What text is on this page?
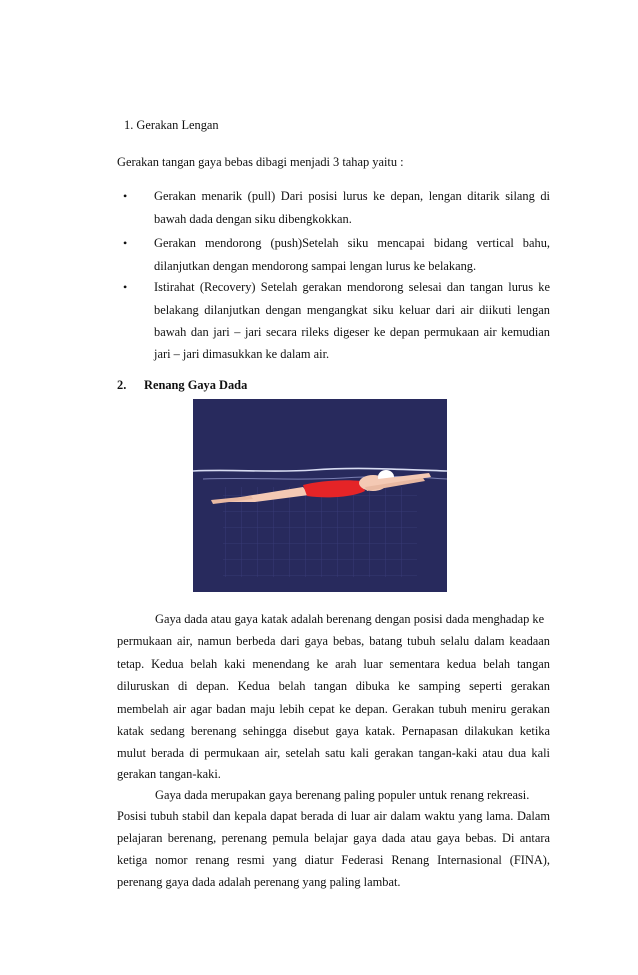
1. Gerakan Lengan
Gerakan tangan gaya bebas dibagi menjadi 3 tahap yaitu :
• Gerakan menarik (pull) Dari posisi lurus ke depan, lengan ditarik silang di
bawah dada dengan siku dibengkokkan.
• Gerakan mendorong (push)Setelah siku mencapai bidang vertical bahu,
dilanjutkan dengan mendorong sampai lengan lurus ke belakang.
• Istirahat (Recovery) Setelah gerakan mendorong selesai dan tangan lurus ke
belakang dilanjutkan dengan mengangkat siku keluar dari air diikuti lengan
bawah dan jari – jari secara rileks digeser ke depan permukaan air kemudian
jari – jari dimasukkan ke dalam air.
2. Renang Gaya Dada
Gaya dada atau gaya katak adalah berenang dengan posisi dada menghadap ke
permukaan air, namun berbeda dari gaya bebas, batang tubuh selalu dalam keadaan
tetap. Kedua belah kaki menendang ke arah luar sementara kedua belah tangan
diluruskan di depan. Kedua belah tangan dibuka ke samping seperti gerakan
membelah air agar badan maju lebih cepat ke depan. Gerakan tubuh meniru gerakan
katak sedang berenang sehingga disebut gaya katak. Pernapasan dilakukan ketika
mulut berada di permukaan air, setelah satu kali gerakan tangan-kaki atau dua kali
gerakan tangan-kaki.
Gaya dada merupakan gaya berenang paling populer untuk renang rekreasi.
Posisi tubuh stabil dan kepala dapat berada di luar air dalam waktu yang lama. Dalam
pelajaran berenang, perenang pemula belajar gaya dada atau gaya bebas. Di antara
ketiga nomor renang resmi yang diatur Federasi Renang Internasional (FINA),
perenang gaya dada adalah perenang yang paling lambat.
